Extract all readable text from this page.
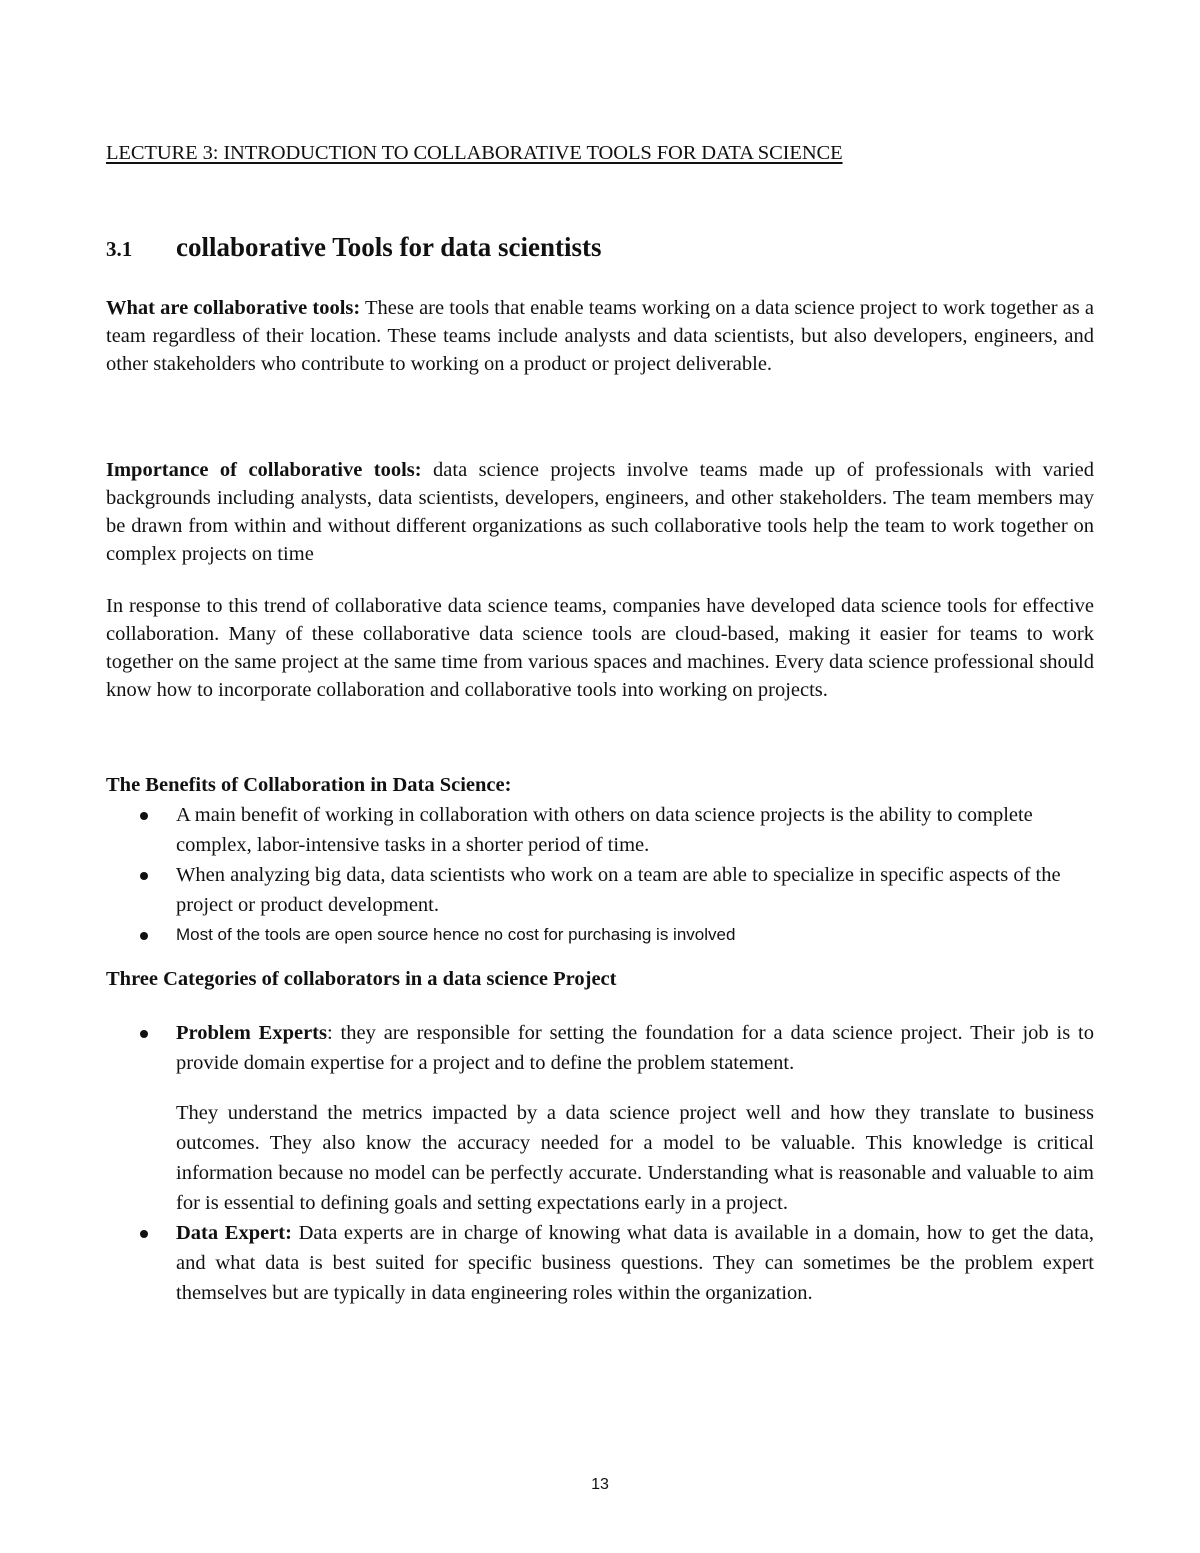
LECTURE 3: INTRODUCTION TO COLLABORATIVE TOOLS FOR DATA SCIENCE
3.1 collaborative Tools for data scientists

What are collaborative tools: These are tools that enable teams working on a data science project to work together as a team regardless of their location. These teams include analysts and data scientists, but also developers, engineers, and other stakeholders who contribute to working on a product or project deliverable.

Importance of collaborative tools: data science projects involve teams made up of professionals with varied backgrounds including analysts, data scientists, developers, engineers, and other stakeholders. The team members may be drawn from within and without different organizations as such collaborative tools help the team to work together on complex projects on time

In response to this trend of collaborative data science teams, companies have developed data science tools for effective collaboration. Many of these collaborative data science tools are cloud-based, making it easier for teams to work together on the same project at the same time from various spaces and machines. Every data science professional should know how to incorporate collaboration and collaborative tools into working on projects.

The Benefits of Collaboration in Data Science:
A main benefit of working in collaboration with others on data science projects is the ability to complete complex, labor-intensive tasks in a shorter period of time.
When analyzing big data, data scientists who work on a team are able to specialize in specific aspects of the project or product development.
Most of the tools are open source hence no cost for purchasing is involved
Three Categories of collaborators in a data science Project
Problem Experts: they are responsible for setting the foundation for a data science project. Their job is to provide domain expertise for a project and to define the problem statement.
They understand the metrics impacted by a data science project well and how they translate to business outcomes. They also know the accuracy needed for a model to be valuable. This knowledge is critical information because no model can be perfectly accurate. Understanding what is reasonable and valuable to aim for is essential to defining goals and setting expectations early in a project.
Data Expert: Data experts are in charge of knowing what data is available in a domain, how to get the data, and what data is best suited for specific business questions. They can sometimes be the problem expert themselves but are typically in data engineering roles within the organization.
13
